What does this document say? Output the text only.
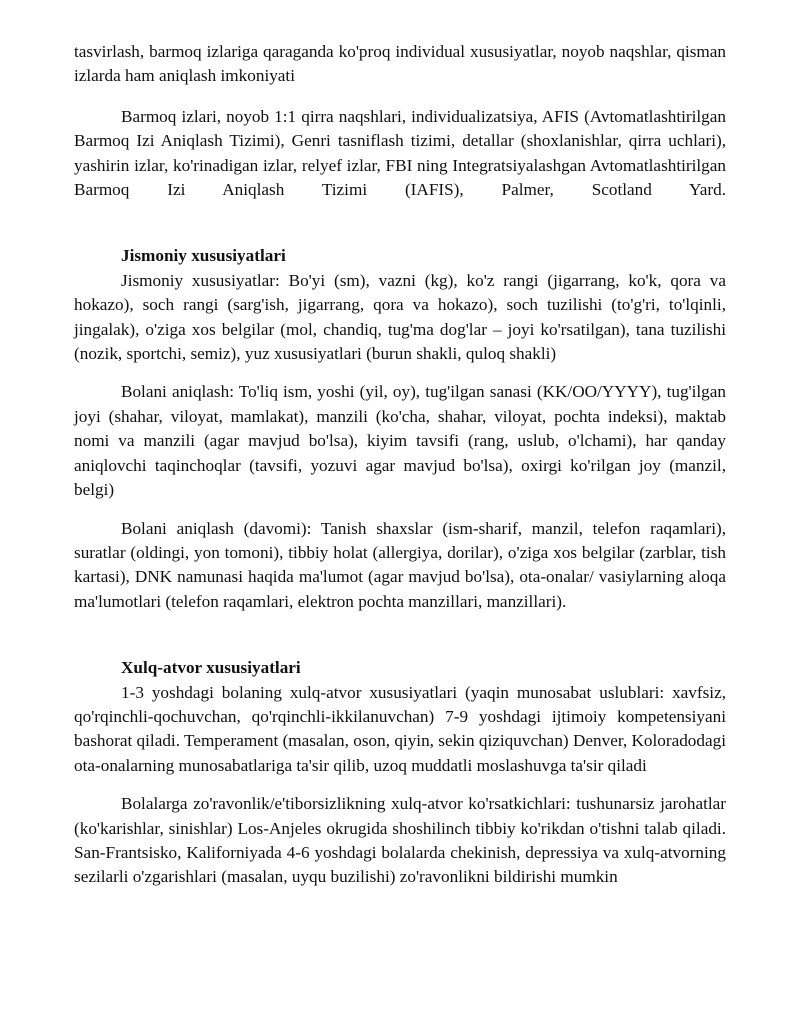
tasvirlash, barmoq izlariga qaraganda ko'proq individual xususiyatlar, noyob naqshlar, qisman izlarda ham aniqlash imkoniyati

Barmoq izlari, noyob 1:1 qirra naqshlari, individualizatsiya, AFIS (Avtomatlashtirilgan Barmoq Izi Aniqlash Tizimi), Genri tasniflash tizimi, detallar (shoxlanishlar, qirra uchlari), yashirin izlar, ko'rinadigan izlar, relyef izlar, FBI ning Integratsiyalashgan Avtomatlashtirilgan Barmoq Izi Aniqlash Tizimi (IAFIS), Palmer, Scotland Yard.

Jismoniy xususiyatlari

Jismoniy xususiyatlar: Bo'yi (sm), vazni (kg), ko'z rangi (jigarrang, ko'k, qora va hokazo), soch rangi (sarg'ish, jigarrang, qora va hokazo), soch tuzilishi (to'g'ri, to'lqinli, jingalak), o'ziga xos belgilar (mol, chandiq, tug'ma dog'lar – joyi ko'rsatilgan), tana tuzilishi (nozik, sportchi, semiz), yuz xususiyatlari (burun shakli, quloq shakli)

Bolani aniqlash: To'liq ism, yoshi (yil, oy), tug'ilgan sanasi (KK/OO/YYYY), tug'ilgan joyi (shahar, viloyat, mamlakat), manzili (ko'cha, shahar, viloyat, pochta indeksi), maktab nomi va manzili (agar mavjud bo'lsa), kiyim tavsifi (rang, uslub, o'lchami), har qanday aniqlovchi taqinchoqlar (tavsifi, yozuvi agar mavjud bo'lsa), oxirgi ko'rilgan joy (manzil, belgi)

Bolani aniqlash (davomi): Tanish shaxslar (ism-sharif, manzil, telefon raqamlari), suratlar (oldingi, yon tomoni), tibbiy holat (allergiya, dorilar), o'ziga xos belgilar (zarblar, tish kartasi), DNK namunasi haqida ma'lumot (agar mavjud bo'lsa), ota-onalar/ vasiylarning aloqa ma'lumotlari (telefon raqamlari, elektron pochta manzillari, manzillari).

Xulq-atvor xususiyatlari

1-3 yoshdagi bolaning xulq-atvor xususiyatlari (yaqin munosabat uslublari: xavfsiz, qo'rqinchli-qochuvchan, qo'rqinchli-ikkilanuvchan) 7-9 yoshdagi ijtimoiy kompetensiyani bashorat qiladi. Temperament (masalan, oson, qiyin, sekin qiziquvchan) Denver, Koloradodagi ota-onalarning munosabatlariga ta'sir qilib, uzoq muddatli moslashuvga ta'sir qiladi

Bolalarga zo'ravonlik/e'tiborsizlikning xulq-atvor ko'rsatkichlari: tushunarsiz jarohatlar (ko'karishlar, sinishlar) Los-Anjeles okrugida shoshilinch tibbiy ko'rikdan o'tishni talab qiladi. San-Frantsisko, Kaliforniyada 4-6 yoshdagi bolalarda chekinish, depressiya va xulq-atvorning sezilarli o'zgarishlari (masalan, uyqu buzilishi) zo'ravonlikni bildirishi mumkin
